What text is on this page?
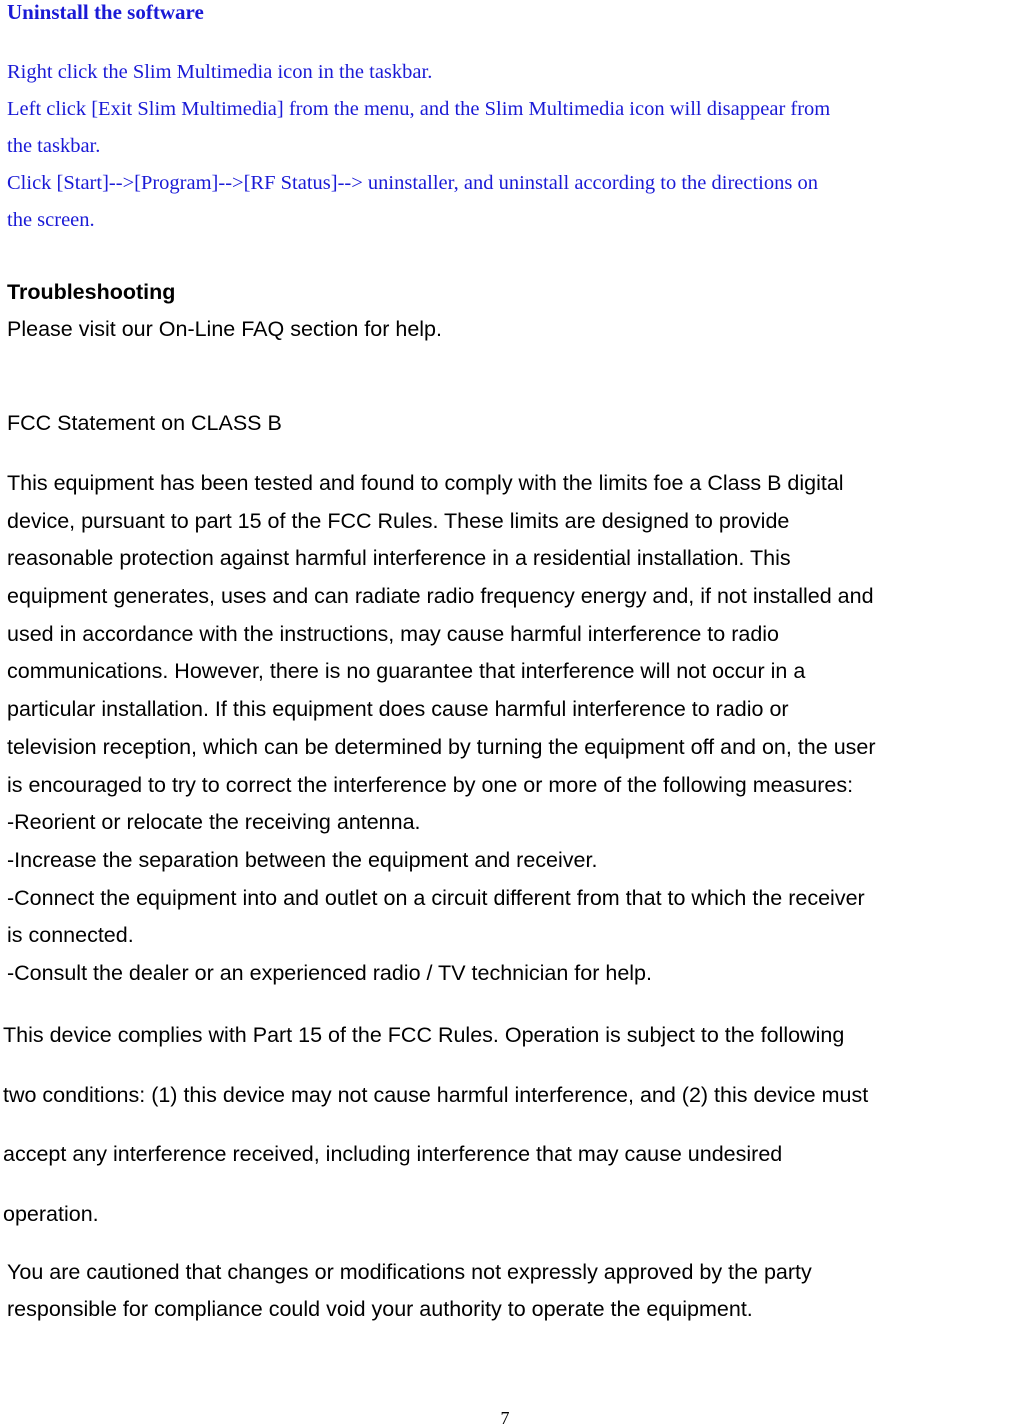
Uninstall the software
Right click the Slim Multimedia icon in the taskbar.
Left click [Exit Slim Multimedia] from the menu, and the Slim Multimedia icon will disappear from
the taskbar.
Click [Start]-->[Program]-->[RF Status]--> uninstaller, and uninstall according to the directions on
the screen.
Troubleshooting
Please visit our On-Line FAQ section for help.
FCC Statement on CLASS B
This equipment has been tested and found to comply with the limits foe a Class B digital
device, pursuant to part 15 of the FCC Rules. These limits are designed to provide
reasonable protection against harmful interference in a residential installation. This
equipment generates, uses and can radiate radio frequency energy and, if not installed and
used in accordance with the instructions, may cause harmful interference to radio
communications. However, there is no guarantee that interference will not occur in a
particular installation. If this equipment does cause harmful interference to radio or
television reception, which can be determined by turning the equipment off and on, the user
is encouraged to try to correct the interference by one or more of the following measures:
-Reorient or relocate the receiving antenna.
-Increase the separation between the equipment and receiver.
-Connect the equipment into and outlet on a circuit different from that to which the receiver
is connected.
-Consult the dealer or an experienced radio / TV technician for help.
This device complies with Part 15 of the FCC Rules. Operation is subject to the following
two conditions: (1) this device may not cause harmful interference, and (2) this device must
accept any interference received, including interference that may cause undesired
operation.
You are cautioned that changes or modifications not expressly approved by the party
responsible for compliance could void your authority to operate the equipment.
7
